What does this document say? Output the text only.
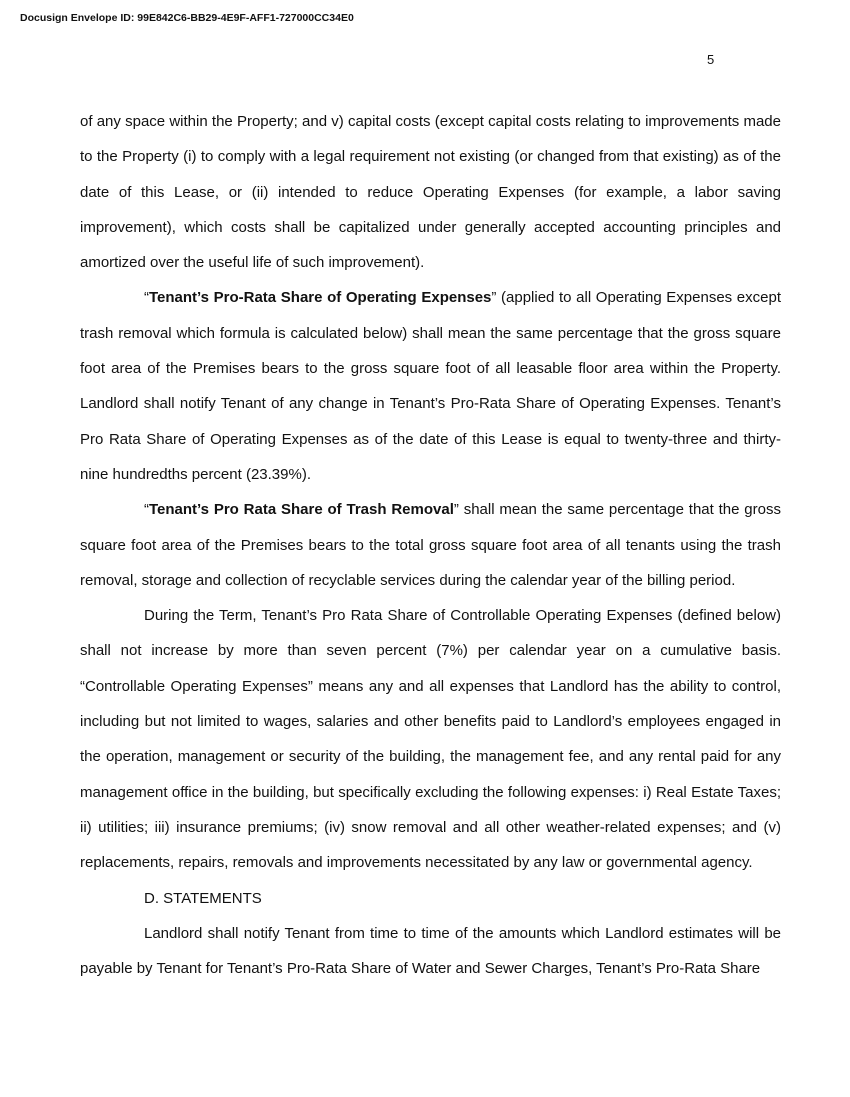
Docusign Envelope ID: 99E842C6-BB29-4E9F-AFF1-727000CC34E0

5

of any space within the Property; and v) capital costs (except capital costs relating to improvements made to the Property (i) to comply with a legal requirement not existing (or changed from that existing) as of the date of this Lease, or (ii) intended to reduce Operating Expenses (for example, a labor saving improvement), which costs shall be capitalized under generally accepted accounting principles and amortized over the useful life of such improvement).

“Tenant’s Pro-Rata Share of Operating Expenses” (applied to all Operating Expenses except trash removal which formula is calculated below) shall mean the same percentage that the gross square foot area of the Premises bears to the gross square foot of all leasable floor area within the Property. Landlord shall notify Tenant of any change in Tenant’s Pro-Rata Share of Operating Expenses. Tenant’s Pro Rata Share of Operating Expenses as of the date of this Lease is equal to twenty-three and thirty-nine hundredths percent (23.39%).

“Tenant’s Pro Rata Share of Trash Removal” shall mean the same percentage that the gross square foot area of the Premises bears to the total gross square foot area of all tenants using the trash removal, storage and collection of recyclable services during the calendar year of the billing period.

During the Term, Tenant’s Pro Rata Share of Controllable Operating Expenses (defined below) shall not increase by more than seven percent (7%) per calendar year on a cumulative basis. “Controllable Operating Expenses” means any and all expenses that Landlord has the ability to control, including but not limited to wages, salaries and other benefits paid to Landlord’s employees engaged in the operation, management or security of the building, the management fee, and any rental paid for any management office in the building, but specifically excluding the following expenses: i) Real Estate Taxes; ii) utilities; iii) insurance premiums; (iv) snow removal and all other weather-related expenses; and (v) replacements, repairs, removals and improvements necessitated by any law or governmental agency.

D. STATEMENTS

Landlord shall notify Tenant from time to time of the amounts which Landlord estimates will be payable by Tenant for Tenant’s Pro-Rata Share of Water and Sewer Charges, Tenant’s Pro-Rata Share
